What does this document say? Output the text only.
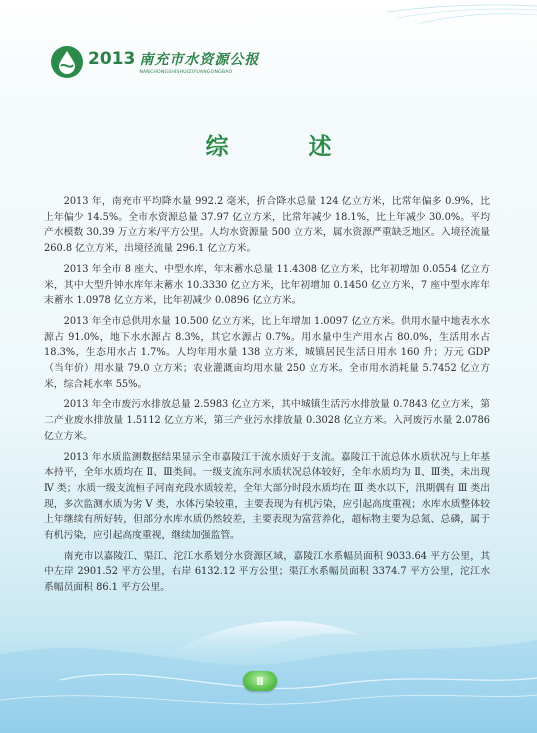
2013 南充市水资源公报
NANCHONGSHISHUIZIYUANGONGBAO
综 述

2013 年，南充市平均降水量 992.2 毫米，折合降水总量 124 亿立方米，比常年偏多 0.9%，比上年偏少 14.5%。全市水资源总量 37.97 亿立方米，比常年减少 18.1%，比上年减少 30.0%。平均产水模数 30.39 万立方米/平方公里。人均水资源量 500 立方米，属水资源严重缺乏地区。入境径流量 260.8 亿立方米，出境径流量 296.1 亿立方米。

2013 年全市 8 座大、中型水库，年末蓄水总量 11.4308 亿立方米，比年初增加 0.0554 亿立方米，其中大型升钟水库年末蓄水 10.3330 亿立方米，比年初增加 0.1450 亿立方米，7 座中型水库年末蓄水 1.0978 亿立方米，比年初减少 0.0896 亿立方米。

2013 年全市总供用水量 10.500 亿立方米，比上年增加 1.0097 亿立方米。供用水量中地表水水源占 91.0%，地下水水源占 8.3%，其它水源占 0.7%。用水量中生产用水占 80.0%，生活用水占 18.3%，生态用水占 1.7%。人均年用水量 138 立方米，城镇居民生活日用水 160 升；万元 GDP（当年价）用水量 79.0 立方米；农业灌溉亩均用水量 250 立方米。全市用水消耗量 5.7452 亿立方米，综合耗水率 55%。

2013 年全市废污水排放总量 2.5983 亿立方米，其中城镇生活污水排放量 0.7843 亿立方米，第二产业废水排放量 1.5112 亿立方米，第三产业污水排放量 0.3028 亿立方米。入河废污水量 2.0786 亿立方米。

2013 年水质监测数据结果显示全市嘉陵江干流水质好于支流。嘉陵江干流总体水质状况与上年基本持平，全年水质均在 Ⅱ、Ⅲ类间。一级支流东河水质状况总体较好，全年水质均为 Ⅱ、Ⅲ类，未出现 Ⅳ 类；水质一级支流桓子河南充段水质较差，全年大部分时段水质均在 Ⅲ 类水以下，汛期偶有 Ⅲ 类出现，多次监测水质为劣 Ⅴ 类，水体污染较重，主要表现为有机污染，应引起高度重视；水库水质整体较上年继续有所好转，但部分水库水质仍然较差，主要表现为富营养化，超标物主要为总氮、总磷，属于有机污染，应引起高度重视，继续加强监管。

南充市以嘉陵江、渠江、沱江水系划分水资源区域，嘉陵江水系幅员面积 9033.64 平方公里，其中左岸 2901.52 平方公里，右岸 6132.12 平方公里；渠江水系幅员面积 3374.7 平方公里，沱江水系幅员面积 86.1 平方公里。

Ⅱ
